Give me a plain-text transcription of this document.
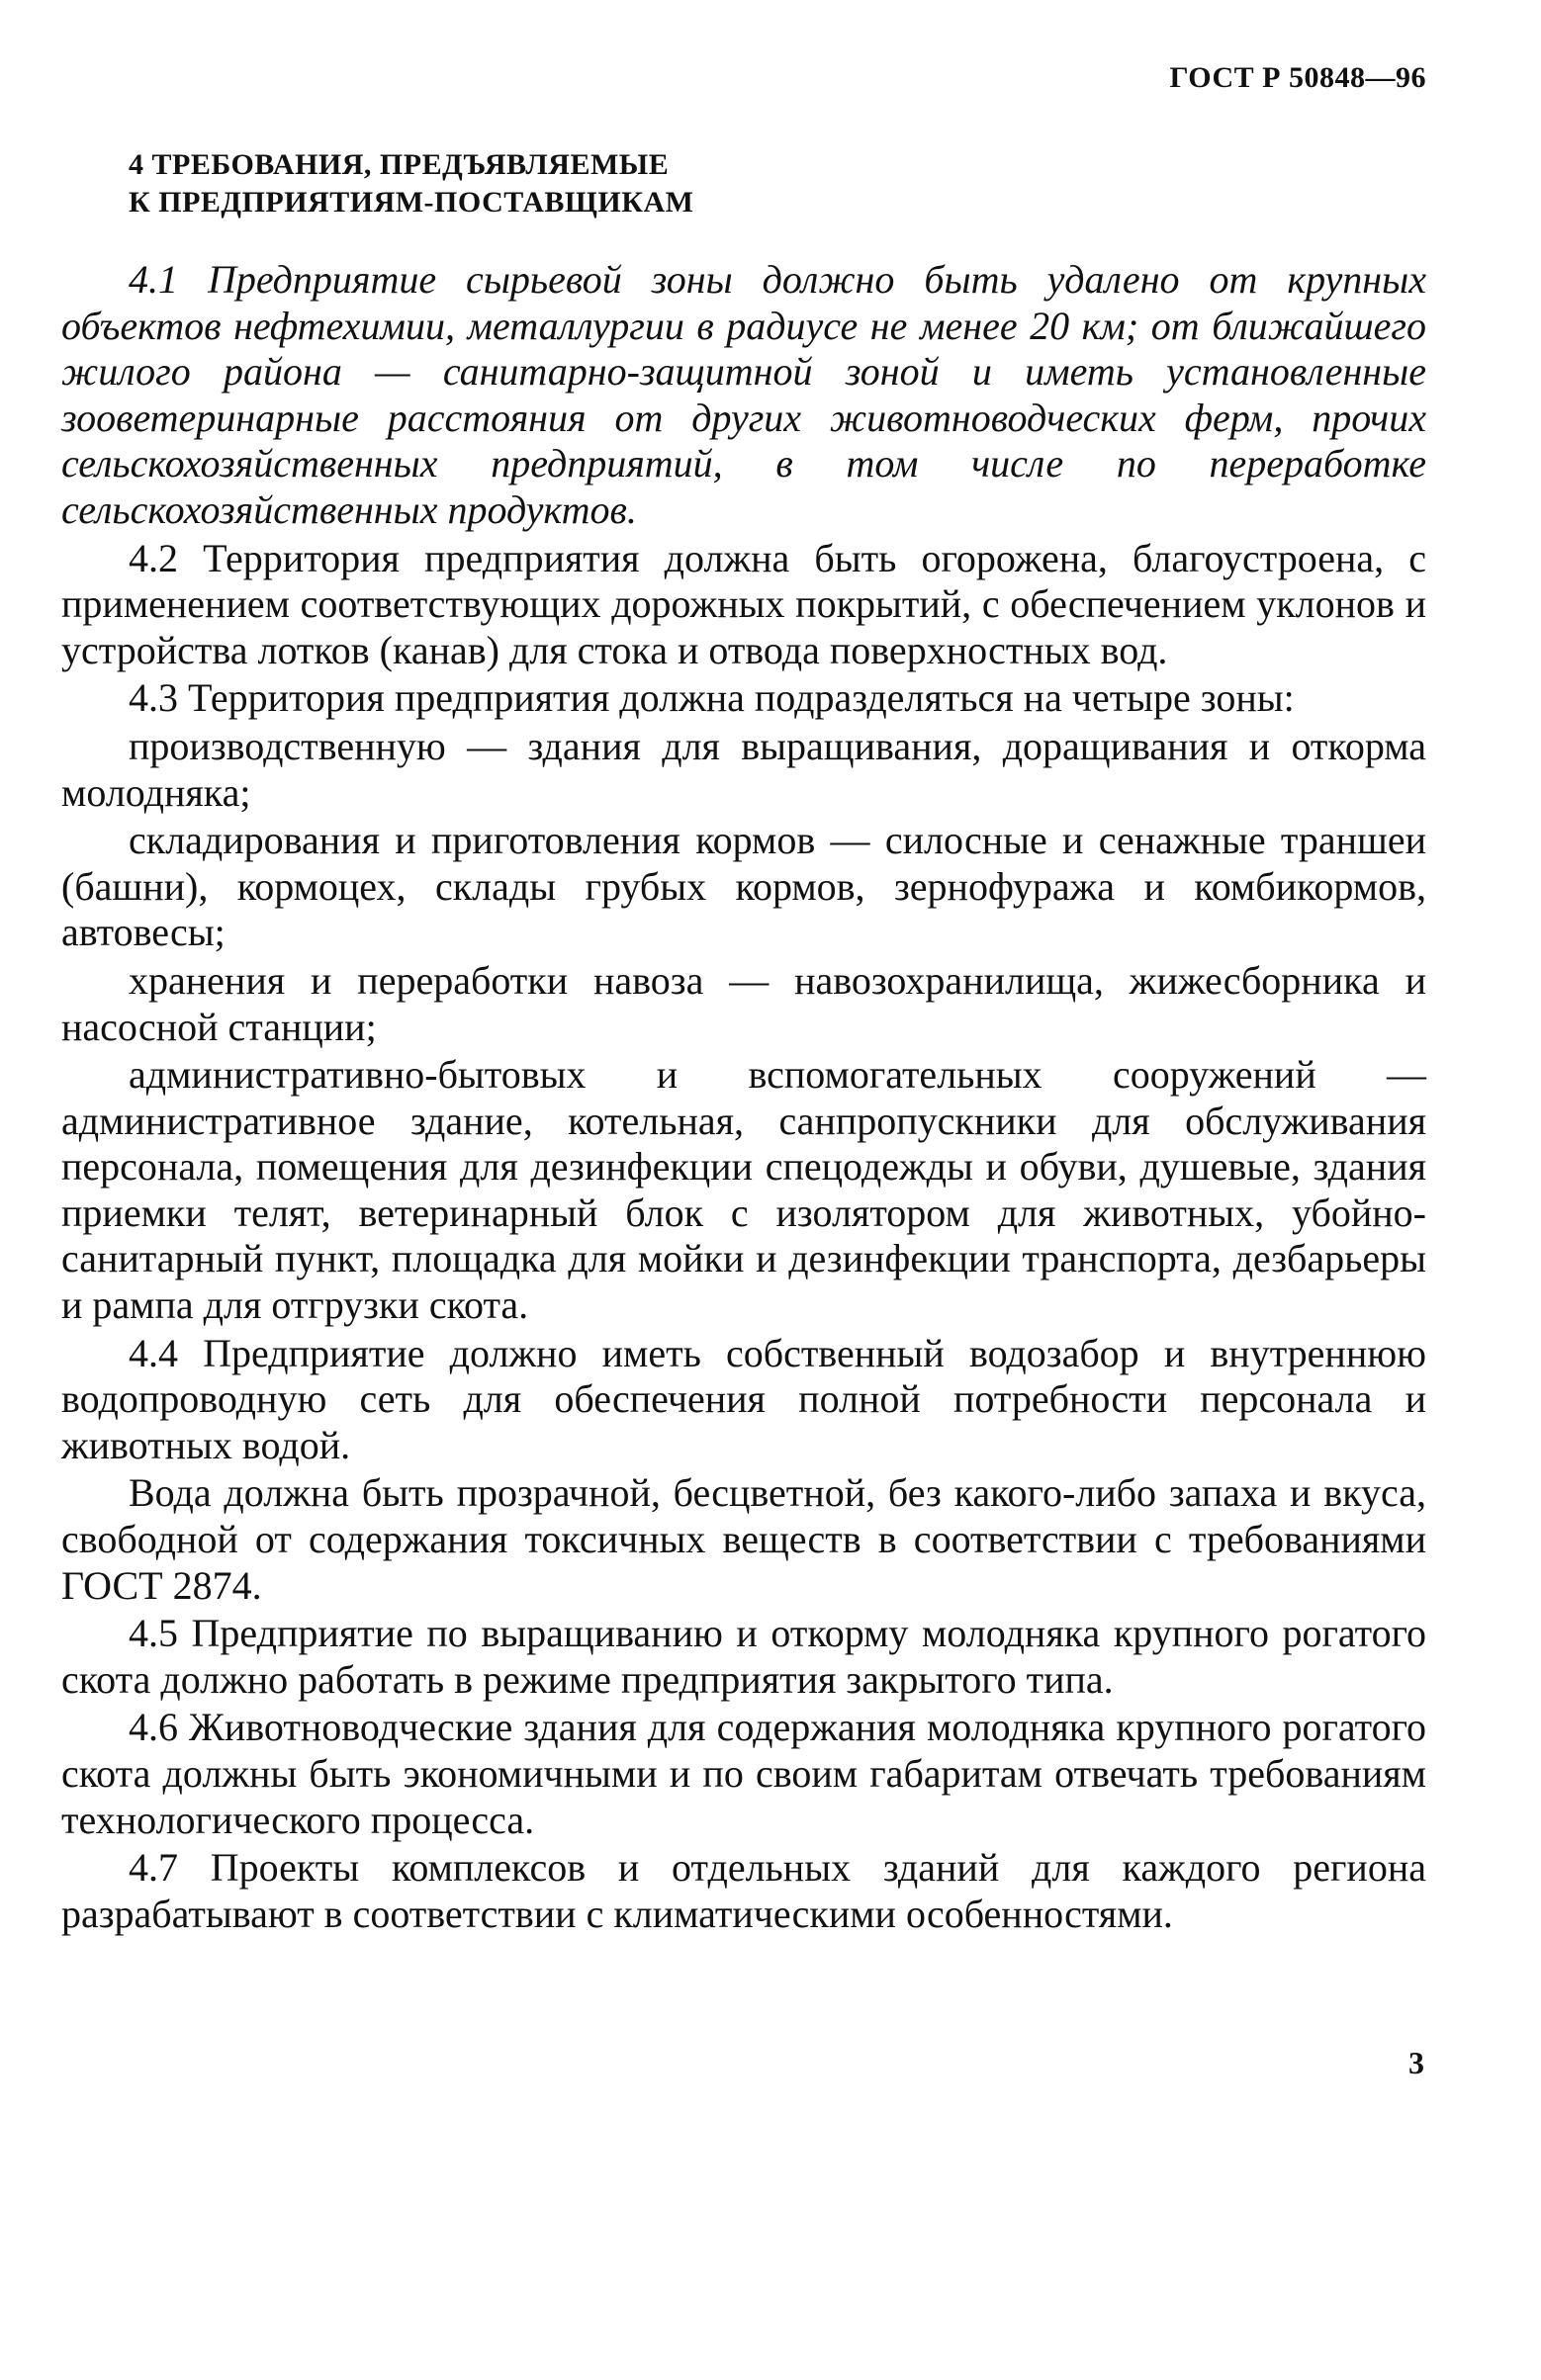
ГОСТ Р 50848—96
4 ТРЕБОВАНИЯ, ПРЕДЪЯВЛЯЕМЫЕ
К ПРЕДПРИЯТИЯМ-ПОСТАВЩИКАМ

4.1 Предприятие сырьевой зоны должно быть удалено от крупных объектов нефтехимии, металлургии в радиусе не менее 20 км; от ближайшего жилого района — санитарно-защитной зоной и иметь установленные зооветеринарные расстояния от других животноводческих ферм, прочих сельскохозяйственных предприятий, в том числе по переработке сельскохозяйственных продуктов.

4.2 Территория предприятия должна быть огорожена, благоустроена, с применением соответствующих дорожных покрытий, с обеспечением уклонов и устройства лотков (канав) для стока и отвода поверхностных вод.

4.3 Территория предприятия должна подразделяться на четыре зоны:

производственную — здания для выращивания, доращивания и откорма молодняка;

складирования и приготовления кормов — силосные и сенажные траншеи (башни), кормоцех, склады грубых кормов, зернофуража и комбикормов, автовесы;

хранения и переработки навоза — навозохранилища, жижесборника и насосной станции;

административно-бытовых и вспомогательных сооружений — административное здание, котельная, санпропускники для обслуживания персонала, помещения для дезинфекции спецодежды и обуви, душевые, здания приемки телят, ветеринарный блок с изолятором для животных, убойно-санитарный пункт, площадка для мойки и дезинфекции транспорта, дезбарьеры и рампа для отгрузки скота.

4.4 Предприятие должно иметь собственный водозабор и внутреннюю водопроводную сеть для обеспечения полной потребности персонала и животных водой.

Вода должна быть прозрачной, бесцветной, без какого-либо запаха и вкуса, свободной от содержания токсичных веществ в соответствии с требованиями ГОСТ 2874.

4.5 Предприятие по выращиванию и откорму молодняка крупного рогатого скота должно работать в режиме предприятия закрытого типа.

4.6 Животноводческие здания для содержания молодняка крупного рогатого скота должны быть экономичными и по своим габаритам отвечать требованиям технологического процесса.

4.7 Проекты комплексов и отдельных зданий для каждого региона разрабатывают в соответствии с климатическими особенностями.

3
